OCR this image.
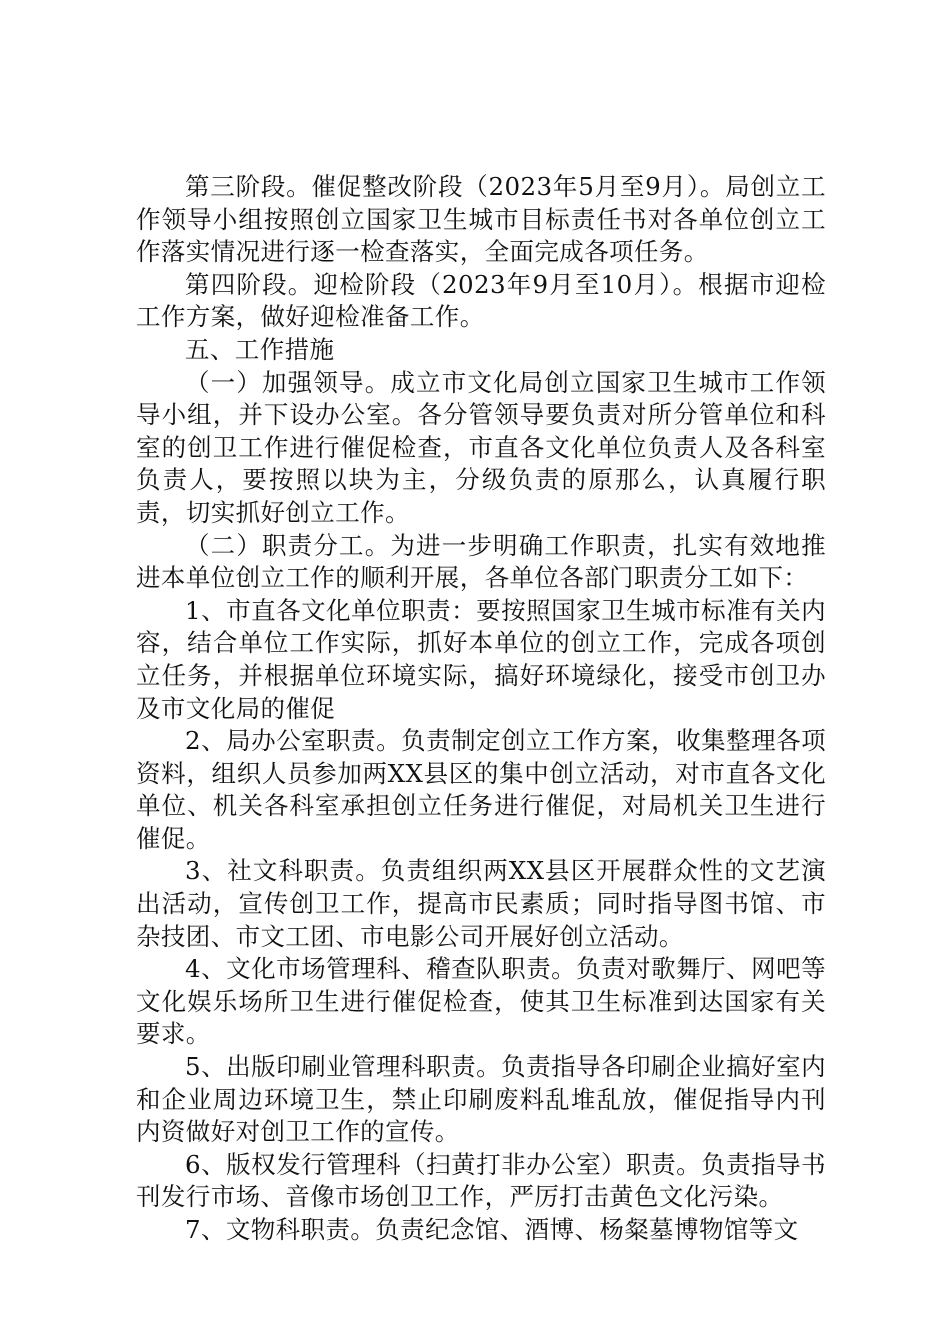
第三阶段。催促整改阶段（2023年5月至9月）。局创立工作领导小组按照创立国家卫生城市目标责任书对各单位创立工作落实情况进行逐一检查落实，全面完成各项任务。

第四阶段。迎检阶段（2023年9月至10月）。根据市迎检工作方案，做好迎检准备工作。

五、工作措施

（一）加强领导。成立市文化局创立国家卫生城市工作领导小组，并下设办公室。各分管领导要负责对所分管单位和科室的创卫工作进行催促检查，市直各文化单位负责人及各科室负责人，要按照以块为主，分级负责的原那么，认真履行职责，切实抓好创立工作。

（二）职责分工。为进一步明确工作职责，扎实有效地推进本单位创立工作的顺利开展，各单位各部门职责分工如下：

1、市直各文化单位职责：要按照国家卫生城市标准有关内容，结合单位工作实际，抓好本单位的创立工作，完成各项创立任务，并根据单位环境实际，搞好环境绿化，接受市创卫办及市文化局的催促

2、局办公室职责。负责制定创立工作方案，收集整理各项资料，组织人员参加两XX县区的集中创立活动，对市直各文化单位、机关各科室承担创立任务进行催促，对局机关卫生进行催促。

3、社文科职责。负责组织两XX县区开展群众性的文艺演出活动，宣传创卫工作，提高市民素质；同时指导图书馆、市杂技团、市文工团、市电影公司开展好创立活动。

4、文化市场管理科、稽查队职责。负责对歌舞厅、网吧等文化娱乐场所卫生进行催促检查，使其卫生标准到达国家有关要求。

5、出版印刷业管理科职责。负责指导各印刷企业搞好室内和企业周边环境卫生，禁止印刷废料乱堆乱放，催促指导内刊内资做好对创卫工作的宣传。

6、版权发行管理科（扫黄打非办公室）职责。负责指导书刊发行市场、音像市场创卫工作，严厉打击黄色文化污染。

7、文物科职责。负责纪念馆、酒博、杨粲墓博物馆等文
